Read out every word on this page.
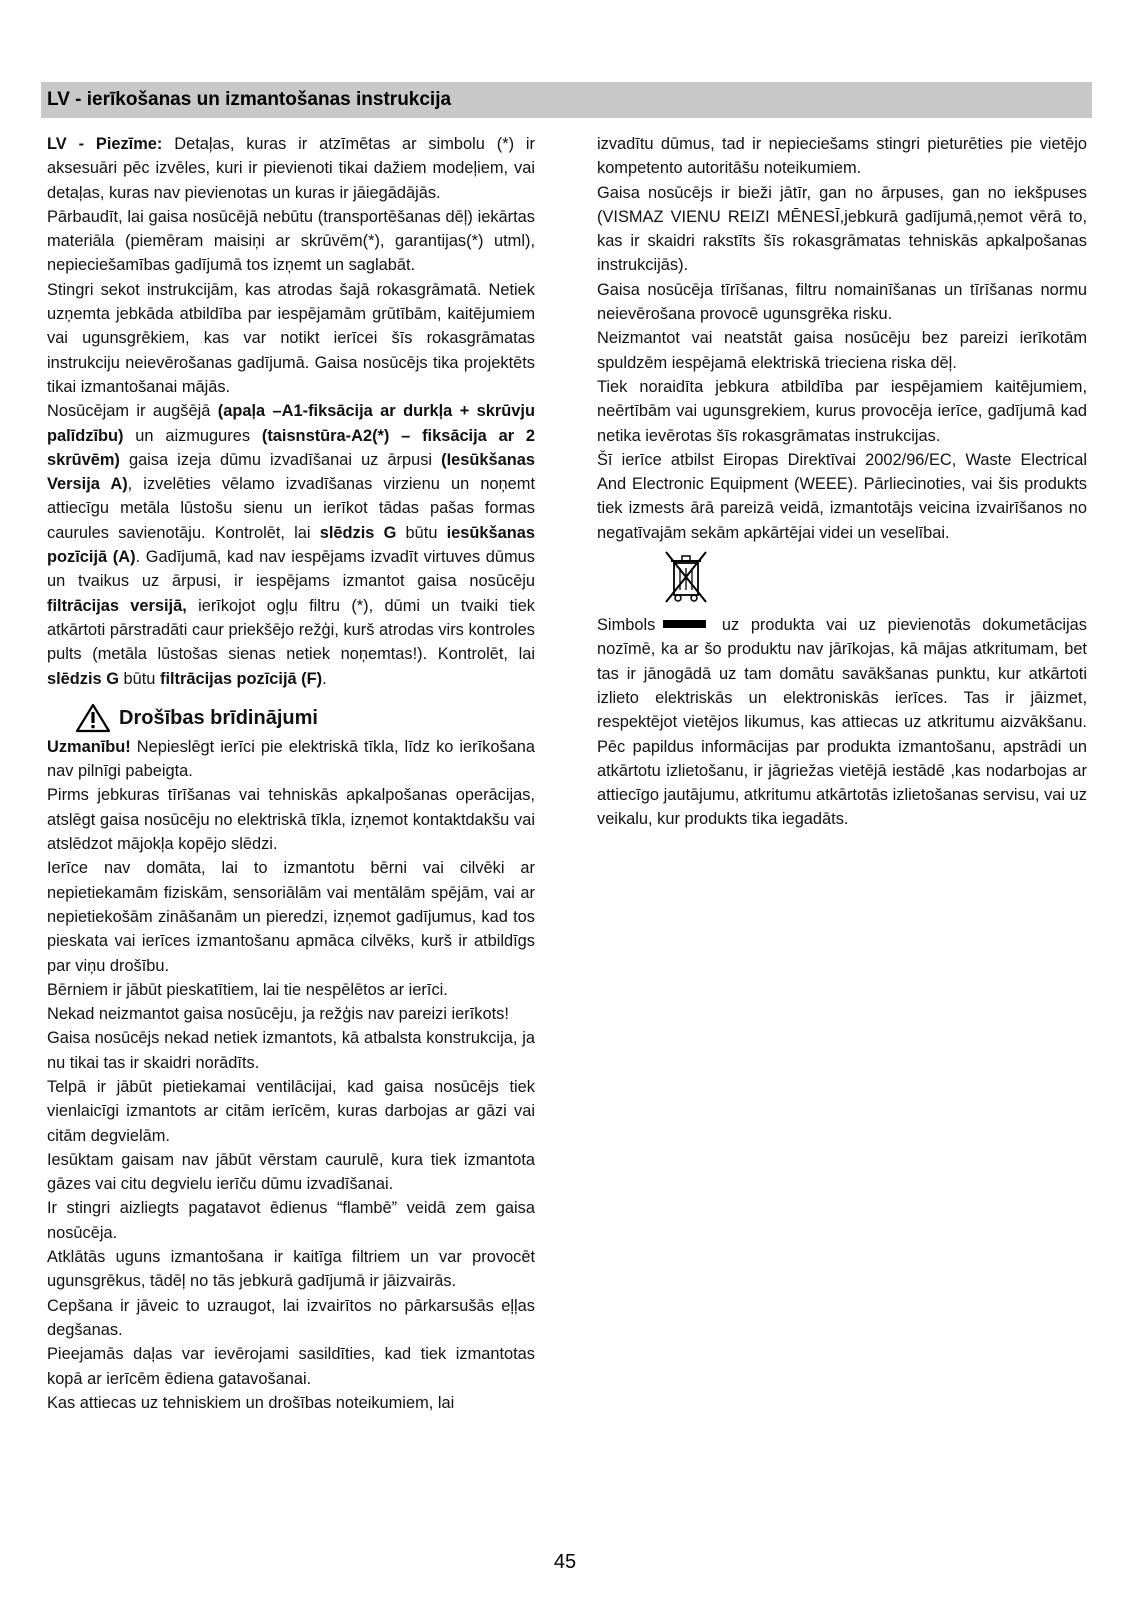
LV - ierīkošanas un izmantošanas instrukcija

LV - Piezīme: Detaļas, kuras ir atzīmētas ar simbolu (*) ir aksesuāri pēc izvēles, kuri ir pievienoti tikai dažiem modeļiem, vai detaļas, kuras nav pievienotas un kuras ir jāiegādājās.

Pārbaudīt, lai gaisa nosūcējā nebūtu (transportēšanas dēļ) iekārtas materiāla (piemēram maisiņi ar skrūvēm(*), garantijas(*) utml), nepieciešamības gadījumā tos izņemt un saglabāt.

Stingri sekot instrukcijām, kas atrodas šajā rokasgrāmatā. Netiek uzņemta jebkāda atbildība par iespējamām grūtībām, kaitējumiem vai ugunsgrēkiem, kas var notikt ierīcei šīs rokasgrāmatas instrukciju neievērošanas gadījumā. Gaisa nosūcējs tika projektēts tikai izmantošanai mājās.

Nosūcējam ir augšējā (apaļa –A1-fiksācija ar durkļa + skrūvju palīdzību) un aizmugures (taisnstūra-A2(*) – fiksācija ar 2 skrūvēm) gaisa izeja dūmu izvadīšanai uz ārpusi (Iesūkšanas Versija A), izvelēties vēlamo izvadīšanas virzienu un noņemt attiecīgu metāla lūstošu sienu un ierīkot tādas pašas formas caurules savienotāju. Kontrolēt, lai slēdzis G būtu iesūkšanas pozīcijā (A). Gadījumā, kad nav iespējams izvadīt virtuves dūmus un tvaikus uz ārpusi, ir iespējams izmantot gaisa nosūcēju filtrācijas versijā, ierīkojot ogļu filtru (*), dūmi un tvaiki tiek atkārtoti pārstradāti caur priekšējo režģi, kurš atrodas virs kontroles pults (metāla lūstošas sienas netiek noņemtas!). Kontrolēt, lai slēdzis G būtu filtrācijas pozīcijā (F).

Drošības brīdinājumi

Uzmanību! Nepieslēgt ierīci pie elektriskā tīkla, līdz ko ierīkošana nav pilnīgi pabeigta.

Pirms jebkuras tīrīšanas vai tehniskās apkalpošanas operācijas, atslēgt gaisa nosūcēju no elektriskā tīkla, izņemot kontaktdakšu vai atslēdzot mājokļa kopējo slēdzi.

Ierīce nav domāta, lai to izmantotu bērni vai cilvēki ar nepietiekamām fiziskām, sensoriālām vai mentālām spējām, vai ar nepietiekošām zināšanām un pieredzi, izņemot gadījumus, kad tos pieskata vai ierīces izmantošanu apmāca cilvēks, kurš ir atbildīgs par viņu drošību.

Bērniem ir jābūt pieskatītiem, lai tie nespēlētos ar ierīci.

Nekad neizmantot gaisa nosūcēju, ja režģis nav pareizi ierīkots!

Gaisa nosūcējs nekad netiek izmantots, kā atbalsta konstrukcija, ja nu tikai tas ir skaidri norādīts.

Telpā ir jābūt pietiekamai ventilācijai, kad gaisa nosūcējs tiek vienlaicīgi izmantots ar citām ierīcēm, kuras darbojas ar gāzi vai citām degvielām.

Iesūktam gaisam nav jābūt vērstam caurulē, kura tiek izmantota gāzes vai citu degvielu ierīču dūmu izvadīšanai.

Ir stingri aizliegts pagatavot ēdienus “flambē” veidā zem gaisa nosūcēja.

Atklātās uguns izmantošana ir kaitīga filtriem un var provocēt ugunsgrēkus, tādēļ no tās jebkurā gadījumā ir jāizvairās.

Cepšana ir jāveic to uzraugot, lai izvairītos no pārkarsušās eļļas degšanas.

Pieejamās daļas var ievērojami sasildīties, kad tiek izmantotas kopā ar ierīcēm ēdiena gatavošanai.

Kas attiecas uz tehniskiem un drošības noteikumiem, lai

izvadītu dūmus, tad ir nepieciešams stingri pieturēties pie vietējo kompetento autoritāšu noteikumiem.

Gaisa nosūcējs ir bieži jātīr, gan no ārpuses, gan no iekšpuses (VISMAZ VIENU REIZI MĒNESĪ,jebkurā gadījumā,ņemot vērā to, kas ir skaidri rakstīts šīs rokasgrāmatas tehniskās apkalpošanas instrukcijās).

Gaisa nosūcēja tīrīšanas, filtru nomainīšanas un tīrīšanas normu neievērošana provocē ugunsgrēka risku.

Neizmantot vai neatstāt gaisa nosūcēju bez pareizi ierīkotām spuldzēm iespējamā elektriskā trieciena riska dēļ.

Tiek noraidīta jebkura atbildība par iespējamiem kaitējumiem, neērtībām vai ugunsgrekiem, kurus provocēja ierīce, gadījumā kad netika ievērotas šīs rokasgrāmatas instrukcijas.

Šī ierīce atbilst Eiropas Direktīvai 2002/96/EC, Waste Electrical And Electronic Equipment (WEEE). Pārliecinoties, vai šis produkts tiek izmests ārā pareizā veidā, izmantotājs veicina izvairīšanos no negatīvajām sekām apkārtējai videi un veselībai.

Simbols	uz produkta vai uz pievienotās dokumetācijas nozīmē, ka ar šo produktu nav jārīkojas, kā mājas atkritumam, bet tas ir jānogādā uz tam domātu savākšanas punktu, kur atkārtoti izlieto elektriskās un elektroniskās ierīces. Tas ir jāizmet, respektējot vietējos likumus, kas attiecas uz atkritumu aizvākšanu. Pēc papildus informācijas par produkta izmantošanu, apstrādi un atkārtotu izlietošanu, ir jāgriežas vietējā iestādē ,kas nodarbojas ar attiecīgo jautājumu, atkritumu atkārtotās izlietošanas servisu, vai uz veikalu, kur produkts tika iegadāts.

45
